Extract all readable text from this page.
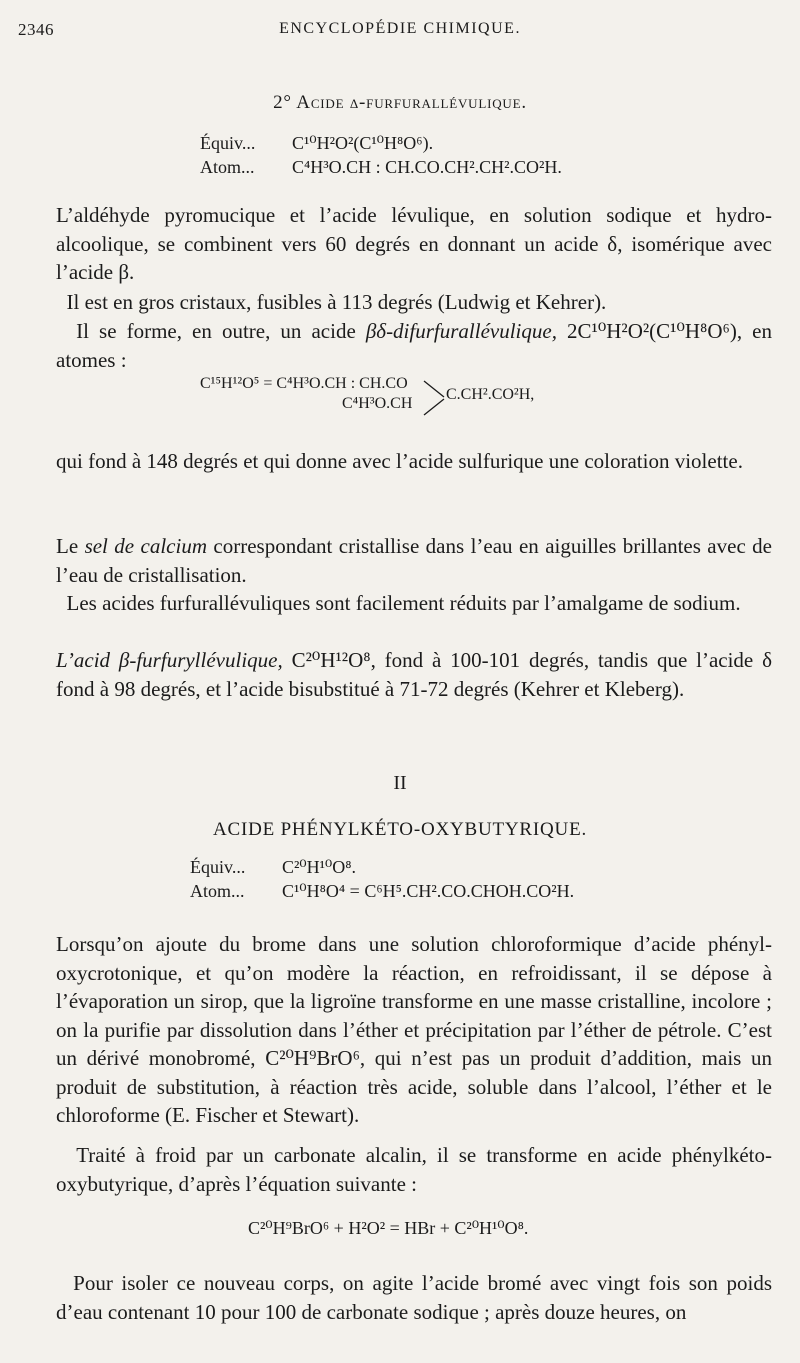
2346	ENCYCLOPÉDIE CHIMIQUE.
2° Acide δ-furfurallévulique.
Équiv... C¹⁰H²O²(C¹⁰H⁸O⁶).
Atom... C⁴H³O.CH : CH.CO.CH².CH².CO²H.
L’aldéhyde pyromucique et l’acide lévulique, en solution sodique et hydro-alcoolique, se combinent vers 60 degrés en donnant un acide δ, isomérique avec l’acide β.
Il est en gros cristaux, fusibles à 113 degrés (Ludwig et Kehrer).
Il se forme, en outre, un acide βδ-difurfurallévulique, 2C¹⁰H²O²(C¹⁰H⁸O⁶), en atomes :
C¹⁵H¹²O⁵ = C⁴H³O.CH : CH.CO
C⁴H³O.CH
C.CH².CO²H,
qui fond à 148 degrés et qui donne avec l’acide sulfurique une coloration violette.
Le sel de calcium correspondant cristallise dans l’eau en aiguilles brillantes avec de l’eau de cristallisation.
Les acides furfurallévuliques sont facilement réduits par l’amalgame de sodium.
L’acid β-furfuryllévulique, C²⁰H¹²O⁸, fond à 100-101 degrés, tandis que l’acide δ fond à 98 degrés, et l’acide bisubstitué à 71-72 degrés (Kehrer et Kleberg).
II
ACIDE PHÉNYLKÉTO-OXYBUTYRIQUE.
Équiv... C²⁰H¹⁰O⁸.
Atom... C¹⁰H⁸O⁴ = C⁶H⁵.CH².CO.CHOH.CO²H.
Lorsqu’on ajoute du brome dans une solution chloroformique d’acide phényl-oxycrotonique, et qu’on modère la réaction, en refroidissant, il se dépose à l’évaporation un sirop, que la ligroïne transforme en une masse cristalline, incolore ; on la purifie par dissolution dans l’éther et précipitation par l’éther de pétrole. C’est un dérivé monobromé, C²⁰H⁹BrO⁶, qui n’est pas un produit d’addition, mais un produit de substitution, à réaction très acide, soluble dans l’alcool, l’éther et le chloroforme (E. Fischer et Stewart).
Traité à froid par un carbonate alcalin, il se transforme en acide phénylkéto-oxybutyrique, d’après l’équation suivante :
C²⁰H⁹BrO⁶ + H²O² = HBr + C²⁰H¹⁰O⁸.
Pour isoler ce nouveau corps, on agite l’acide bromé avec vingt fois son poids d’eau contenant 10 pour 100 de carbonate sodique ; après douze heures, on
